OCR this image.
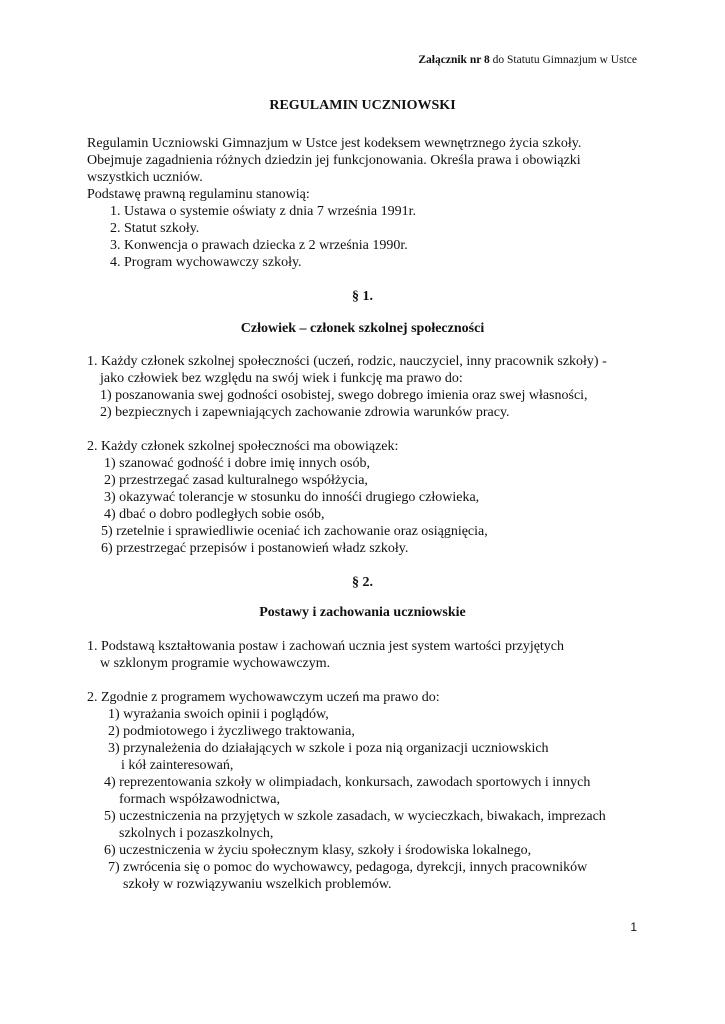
Załącznik nr 8 do Statutu Gimnazjum w Ustce
REGULAMIN UCZNIOWSKI
Regulamin Uczniowski Gimnazjum w Ustce jest kodeksem wewnętrznego życia szkoły.
Obejmuje zagadnienia różnych dziedzin jej funkcjonowania. Określa prawa i obowiązki
wszystkich uczniów.
Podstawę prawną regulaminu stanowią:
1. Ustawa o systemie oświaty z dnia 7 września 1991r.
2. Statut szkoły.
3. Konwencja o prawach dziecka z 2 września 1990r.
4. Program wychowawczy szkoły.
§ 1.
Człowiek – członek szkolnej społeczności
1. Każdy członek szkolnej społeczności (uczeń, rodzic, nauczyciel, inny pracownik szkoły) -
jako człowiek bez względu na swój wiek i funkcję ma prawo do:
1) poszanowania swej godności osobistej, swego dobrego imienia oraz swej własności,
2) bezpiecznych i zapewniających zachowanie zdrowia warunków pracy.
2. Każdy członek szkolnej społeczności ma obowiązek:
1) szanować godność i dobre imię innych osób,
2) przestrzegać zasad kulturalnego współżycia,
3) okazywać tolerancje w stosunku do innośći drugiego człowieka,
4) dbać o dobro podległych sobie osób,
5) rzetelnie i sprawiedliwie oceniać ich zachowanie oraz osiągnięcia,
6) przestrzegać przepisów i postanowień władz szkoły.
§ 2.
Postawy i zachowania uczniowskie
1. Podstawą kształtowania postaw i zachowań ucznia jest system wartości przyjętych
w szklonym programie wychowawczym.
2. Zgodnie z programem wychowawczym uczeń ma prawo do:
1) wyrażania swoich opinii i poglądów,
2) podmiotowego i życzliwego traktowania,
3) przynależenia do działających w szkole i poza nią organizacji uczniowskich
i kół zainteresowań,
4) reprezentowania szkoły w olimpiadach, konkursach, zawodach sportowych i innych
formach współzawodnictwa,
5) uczestniczenia na przyjętych w szkole zasadach, w wycieczkach, biwakach, imprezach
szkolnych i pozaszkolnych,
6) uczestniczenia w życiu społecznym klasy, szkoły i środowiska lokalnego,
7) zwrócenia się o pomoc do wychowawcy, pedagoga, dyrekcji, innych pracowników
szkoły w rozwiązywaniu wszelkich problemów.
1
